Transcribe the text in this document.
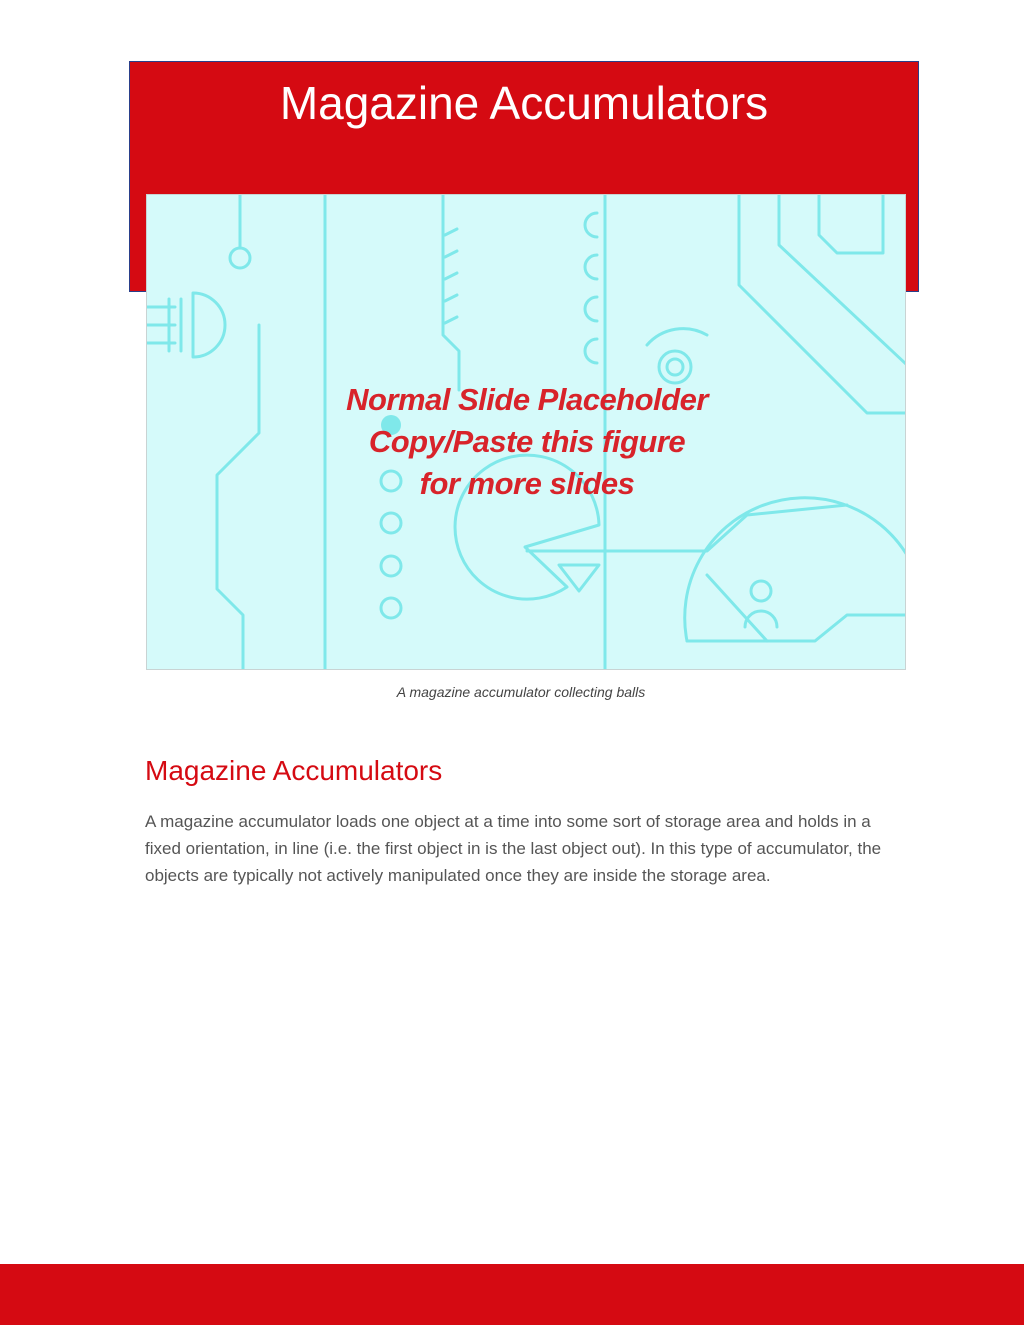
Magazine Accumulators

Normal Slide Placeholder
Copy/Paste this figure
for more slides

A magazine accumulator collecting balls

Magazine Accumulators

A magazine accumulator loads one object at a time into some sort of storage area and holds in a fixed orientation, in line (i.e. the first object in is the last object out). In this type of accumulator, the objects are typically not actively manipulated once they are inside the storage area.
